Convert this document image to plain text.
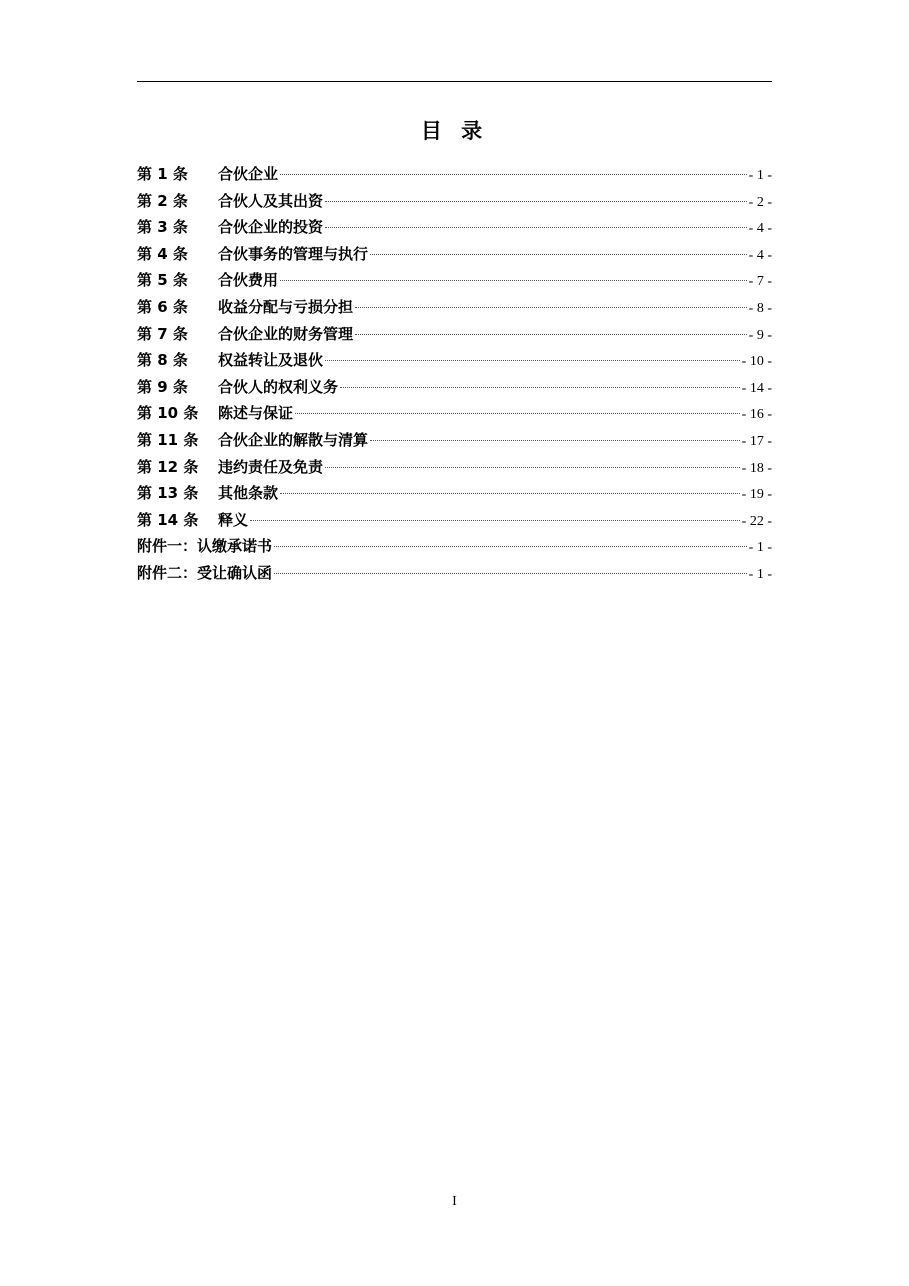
目 录
第 1 条	合伙企业	- 1 -
第 2 条	合伙人及其出资	- 2 -
第 3 条	合伙企业的投资	- 4 -
第 4 条	合伙事务的管理与执行	- 4 -
第 5 条	合伙费用	- 7 -
第 6 条	收益分配与亏损分担	- 8 -
第 7 条	合伙企业的财务管理	- 9 -
第 8 条	权益转让及退伙	- 10 -
第 9 条	合伙人的权利义务	- 14 -
第 10 条	陈述与保证	- 16 -
第 11 条	合伙企业的解散与清算	- 17 -
第 12 条	违约责任及免责	- 18 -
第 13 条	其他条款	- 19 -
第 14 条	释义	- 22 -
附件一：认缴承诺书	- 1 -
附件二：受让确认函	- 1 -
I
